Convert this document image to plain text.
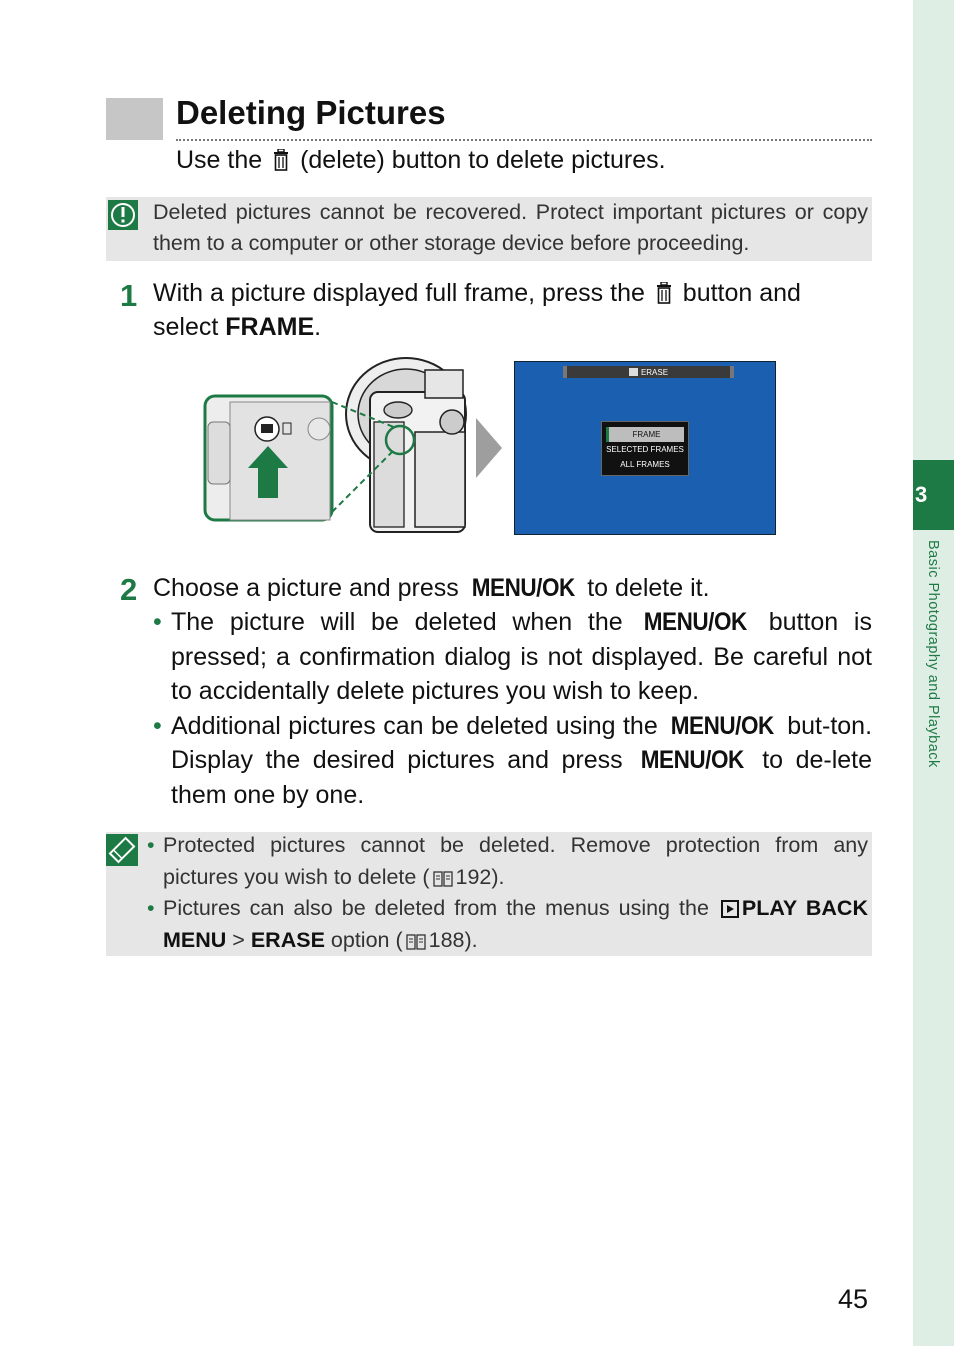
3
Basic Photography and Playback
Deleting Pictures
Use the (delete) button to delete pictures.
Deleted pictures cannot be recovered. Protect important pictures or copy them to a computer or other storage device before proceeding.
1 With a picture displayed full frame, press the button and select FRAME.
ERASE
FRAME
SELECTED FRAMES
ALL FRAMES
2 Choose a picture and press MENU/OK to delete it.
• The picture will be deleted when the MENU/OK button is pressed; a confirmation dialog is not displayed. Be careful not to accidentally delete pictures you wish to keep.
• Additional pictures can be deleted using the MENU/OK but-ton. Display the desired pictures and press MENU/OK to de-lete them one by one.
• Protected pictures cannot be deleted. Remove protection from any pictures you wish to delete ( 192).
• Pictures can also be deleted from the menus using the PLAY BACK MENU > ERASE option ( 188).
45
